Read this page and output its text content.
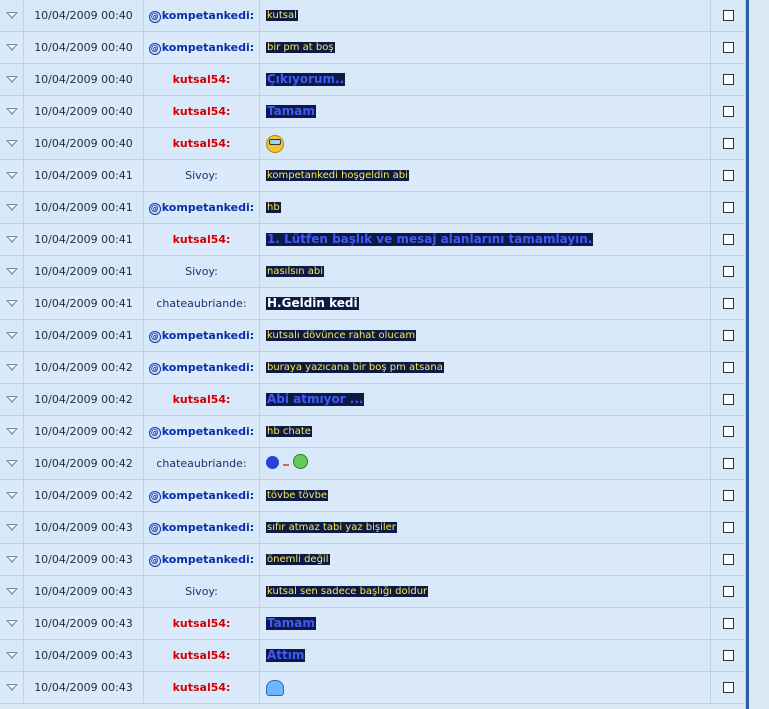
10/04/2009 00:40	@ kompetankedi: kutsal
10/04/2009 00:40	@ kompetankedi: bir pm at boş
10/04/2009 00:40	kutsal54:	Çıkıyorum..
10/04/2009 00:40	kutsal54:	Tamam
10/04/2009 00:40	kutsal54:
10/04/2009 00:41	Sivoy:	kompetankedi hoşgeldin abi
10/04/2009 00:41	@ kompetankedi: hb
10/04/2009 00:41	kutsal54:	1. Lütfen başlık ve mesaj alanlarını tamamlayın.
10/04/2009 00:41	Sivoy:	nasılsın abi
10/04/2009 00:41	chateaubriande: H.Geldin kedi
10/04/2009 00:41	@ kompetankedi: kutsalı dövünce rahat olucam
10/04/2009 00:42	@ kompetankedi: buraya yazıcana bir boş pm atsana
10/04/2009 00:42	kutsal54:	Abi atmıyor ...
10/04/2009 00:42	@ kompetankedi: hb chate
10/04/2009 00:42	chateaubriande:
10/04/2009 00:42	@ kompetankedi: tövbe tövbe
10/04/2009 00:43	@ kompetankedi: sıfır atmaz tabi yaz bişiler
10/04/2009 00:43	@ kompetankedi: önemli değil
10/04/2009 00:43	Sivoy:	kutsal sen sadece başlığı doldur
10/04/2009 00:43	kutsal54:	Tamam
10/04/2009 00:43	kutsal54:	Attım
10/04/2009 00:43	kutsal54:
